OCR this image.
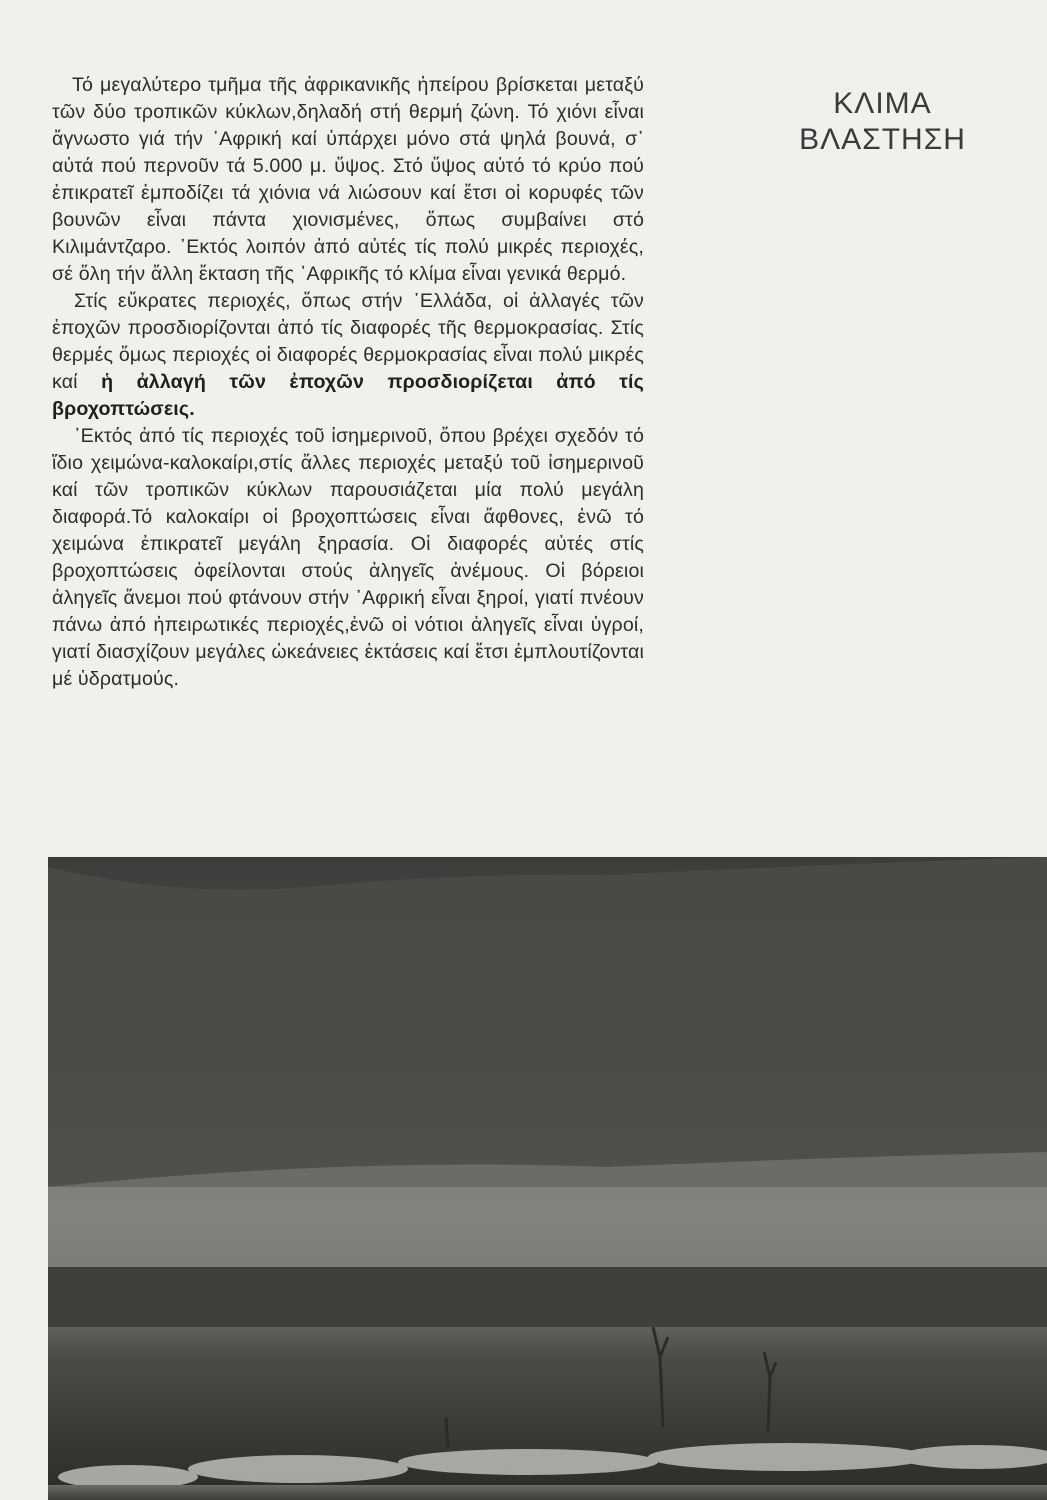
Τό μεγαλύτερο τμῆμα τῆς ἀφρικανικῆς ἠπείρου βρίσκεται μεταξύ τῶν δύο τροπικῶν κύκλων,δηλαδή στή θερμή ζώνη. Τό χιόνι εἶναι ἄγνωστο γιά τήν ᾿Αφρική καί ὑπάρχει μόνο στά ψηλά βουνά, σ᾿ αὐτά πού περνοῦν τά 5.000 μ. ὕψος. Στό ὕψος αὐτό τό κρύο πού ἐπικρατεῖ ἐμποδίζει τά χιόνια νά λιώσουν καί ἔτσι οἱ κορυφές τῶν βουνῶν εἶναι πάντα χιονισμένες, ὅπως συμβαίνει στό Κιλιμάντζαρο. ᾿Εκτός λοιπόν ἀπό αὐτές τίς πολύ μικρές περιοχές, σέ ὅλη τήν ἄλλη ἔκταση τῆς ᾿Αφρικῆς τό κλίμα εἶναι γενικά θερμό.

Στίς εὔκρατες περιοχές, ὅπως στήν ᾿Ελλάδα, οἱ ἀλλαγές τῶν ἐποχῶν προσδιορίζονται ἀπό τίς διαφορές τῆς θερμοκρασίας. Στίς θερμές ὅμως περιοχές οἱ διαφορές θερμοκρασίας εἶναι πολύ μικρές καί ἡ ἀλλαγή τῶν ἐποχῶν προσδιορίζεται ἀπό τίς βροχοπτώσεις.

᾿Εκτός ἀπό τίς περιοχές τοῦ ἰσημερινοῦ, ὅπου βρέχει σχεδόν τό ἴδιο χειμώνα-καλοκαίρι,στίς ἄλλες περιοχές μεταξύ τοῦ ἰσημερινοῦ καί τῶν τροπικῶν κύκλων παρουσιάζεται μία πολύ μεγάλη διαφορά.Τό καλοκαίρι οἱ βροχοπτώσεις εἶναι ἄφθονες, ἐνῶ τό χειμώνα ἐπικρατεῖ μεγάλη ξηρασία. Οἱ διαφορές αὐτές στίς βροχοπτώσεις ὀφείλονται στούς ἀληγεῖς ἀνέμους. Οἱ βόρειοι ἀληγεῖς ἄνεμοι πού φτάνουν στήν ᾿Αφρική εἶναι ξηροί, γιατί πνέουν πάνω ἀπό ἠπειρωτικές περιοχές,ἐνῶ οἱ νότιοι ἀληγεῖς εἶναι ὑγροί, γιατί διασχίζουν μεγάλες ὠκεάνειες ἐκτάσεις καί ἔτσι ἐμπλουτίζονται μέ ὑδρατμούς.

ΚΛΙΜΑ
ΒΛΑΣΤΗΣΗ
